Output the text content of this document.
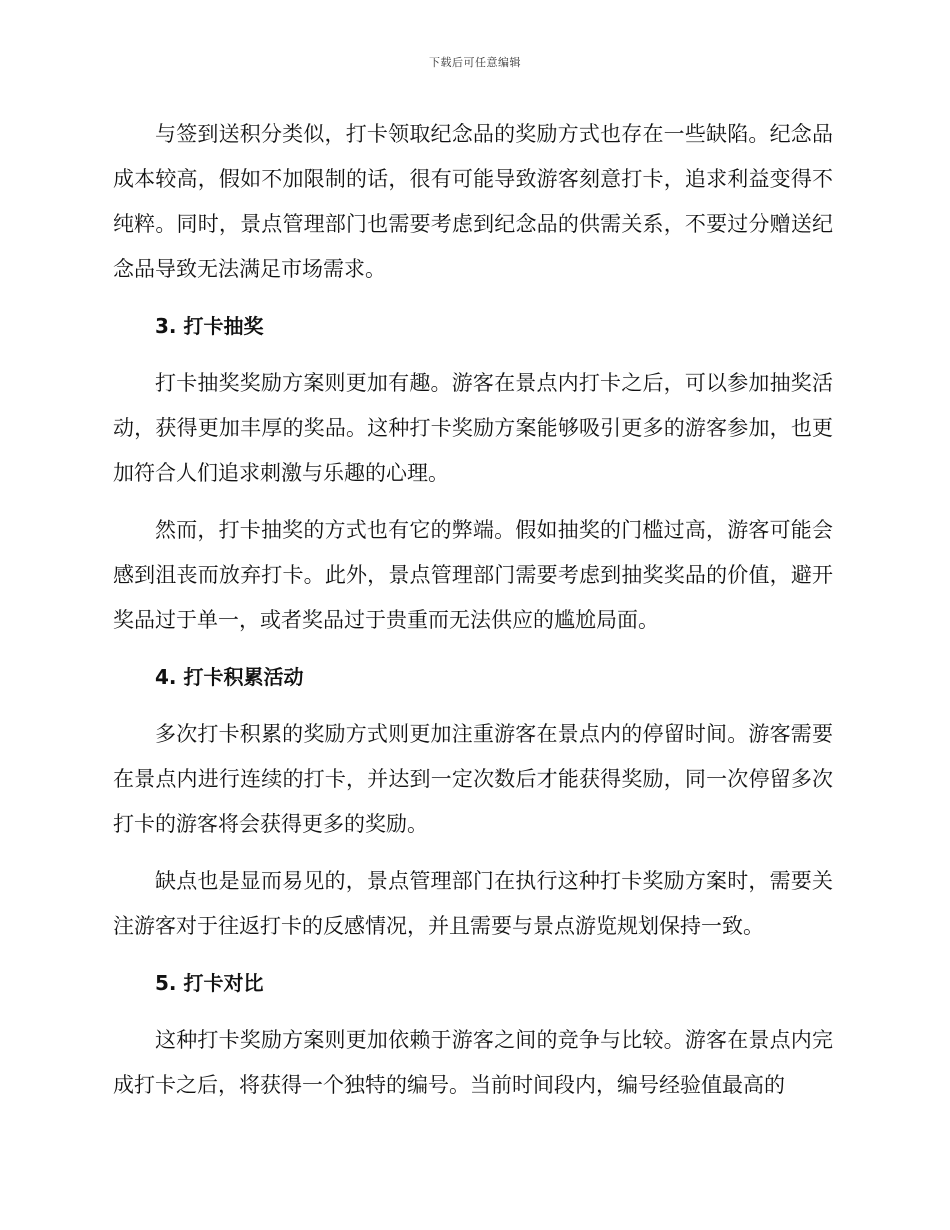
下载后可任意编辑

与签到送积分类似，打卡领取纪念品的奖励方式也存在一些缺陷。纪念品成本较高，假如不加限制的话，很有可能导致游客刻意打卡，追求利益变得不纯粹。同时，景点管理部门也需要考虑到纪念品的供需关系，不要过分赠送纪念品导致无法满足市场需求。

3. 打卡抽奖

打卡抽奖奖励方案则更加有趣。游客在景点内打卡之后，可以参加抽奖活动，获得更加丰厚的奖品。这种打卡奖励方案能够吸引更多的游客参加，也更加符合人们追求刺激与乐趣的心理。

然而，打卡抽奖的方式也有它的弊端。假如抽奖的门槛过高，游客可能会感到沮丧而放弃打卡。此外，景点管理部门需要考虑到抽奖奖品的价值，避开奖品过于单一，或者奖品过于贵重而无法供应的尴尬局面。

4. 打卡积累活动

多次打卡积累的奖励方式则更加注重游客在景点内的停留时间。游客需要在景点内进行连续的打卡，并达到一定次数后才能获得奖励，同一次停留多次打卡的游客将会获得更多的奖励。

缺点也是显而易见的，景点管理部门在执行这种打卡奖励方案时，需要关注游客对于往返打卡的反感情况，并且需要与景点游览规划保持一致。

5. 打卡对比

这种打卡奖励方案则更加依赖于游客之间的竞争与比较。游客在景点内完成打卡之后，将获得一个独特的编号。当前时间段内，编号经验值最高的
